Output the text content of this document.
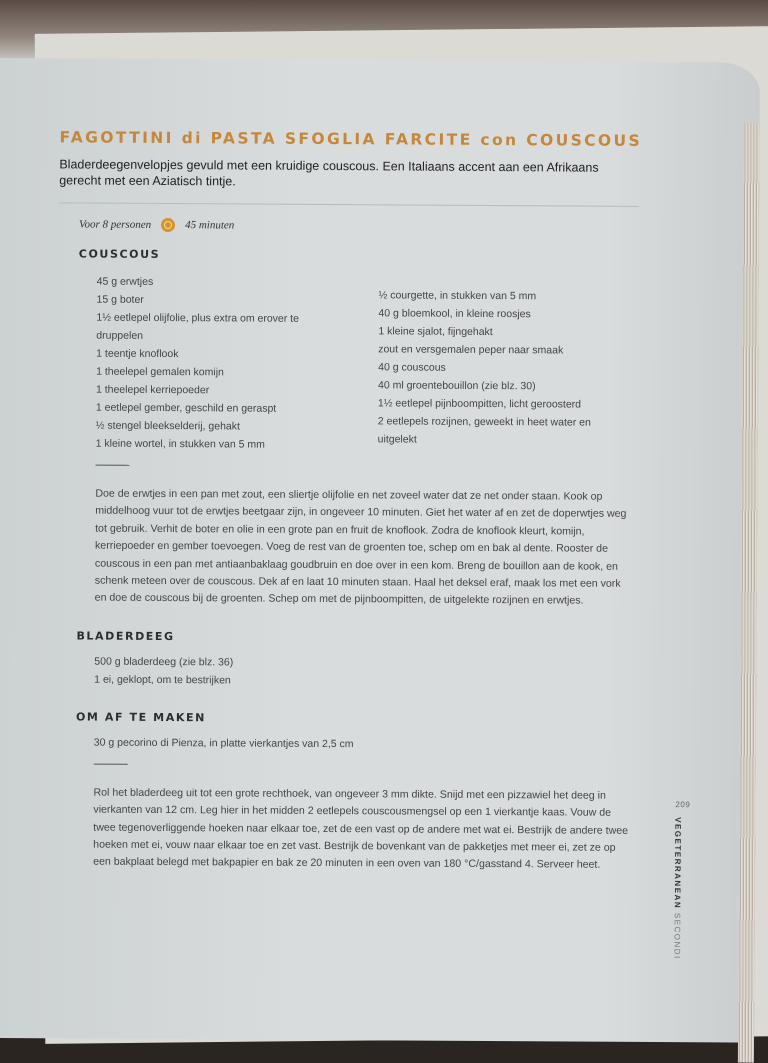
FAGOTTINI di PASTA SFOGLIA FARCITE con COUSCOUS
Bladerdeegenvelopjes gevuld met een kruidige couscous. Een Italiaans accent aan een Afrikaans gerecht met een Aziatisch tintje.
Voor 8 personen	45 minuten
COUSCOUS
45 g erwtjes
15 g boter
1½ eetlepel olijfolie, plus extra om erover te druppelen
1 teentje knoflook
1 theelepel gemalen komijn
1 theelepel kerriepoeder
1 eetlepel gember, geschild en geraspt
½ stengel bleekselderij, gehakt
1 kleine wortel, in stukken van 5 mm
½ courgette, in stukken van 5 mm
40 g bloemkool, in kleine roosjes
1 kleine sjalot, fijngehakt
zout en versgemalen peper naar smaak
40 g couscous
40 ml groentebouillon (zie blz. 30)
1½ eetlepel pijnboompitten, licht geroosterd
2 eetlepels rozijnen, geweekt in heet water en uitgelekt
Doe de erwtjes in een pan met zout, een sliertje olijfolie en net zoveel water dat ze net onder staan. Kook op middelhoog vuur tot de erwtjes beetgaar zijn, in ongeveer 10 minuten. Giet het water af en zet de doperwtjes weg tot gebruik. Verhit de boter en olie in een grote pan en fruit de knoflook. Zodra de knoflook kleurt, komijn, kerriepoeder en gember toevoegen. Voeg de rest van de groenten toe, schep om en bak al dente. Rooster de couscous in een pan met antiaanbaklaag goudbruin en doe over in een kom. Breng de bouillon aan de kook, en schenk meteen over de couscous. Dek af en laat 10 minuten staan. Haal het deksel eraf, maak los met een vork en doe de couscous bij de groenten. Schep om met de pijnboompitten, de uitgelekte rozijnen en erwtjes.
BLADERDEEG
500 g bladerdeeg (zie blz. 36)
1 ei, geklopt, om te bestrijken
OM AF TE MAKEN
30 g pecorino di Pienza, in platte vierkantjes van 2,5 cm
Rol het bladerdeeg uit tot een grote rechthoek, van ongeveer 3 mm dikte. Snijd met een pizzawiel het deeg in vierkanten van 12 cm. Leg hier in het midden 2 eetlepels couscousmengsel op een 1 vierkantje kaas. Vouw de twee tegenoverliggende hoeken naar elkaar toe, zet de een vast op de andere met wat ei. Bestrijk de andere twee hoeken met ei, vouw naar elkaar toe en zet vast. Bestrijk de bovenkant van de pakketjes met meer ei, zet ze op een bakplaat belegd met bakpapier en bak ze 20 minuten in een oven van 180 °C/gasstand 4. Serveer heet.
209
VEGETERRANEAN SECONDI
